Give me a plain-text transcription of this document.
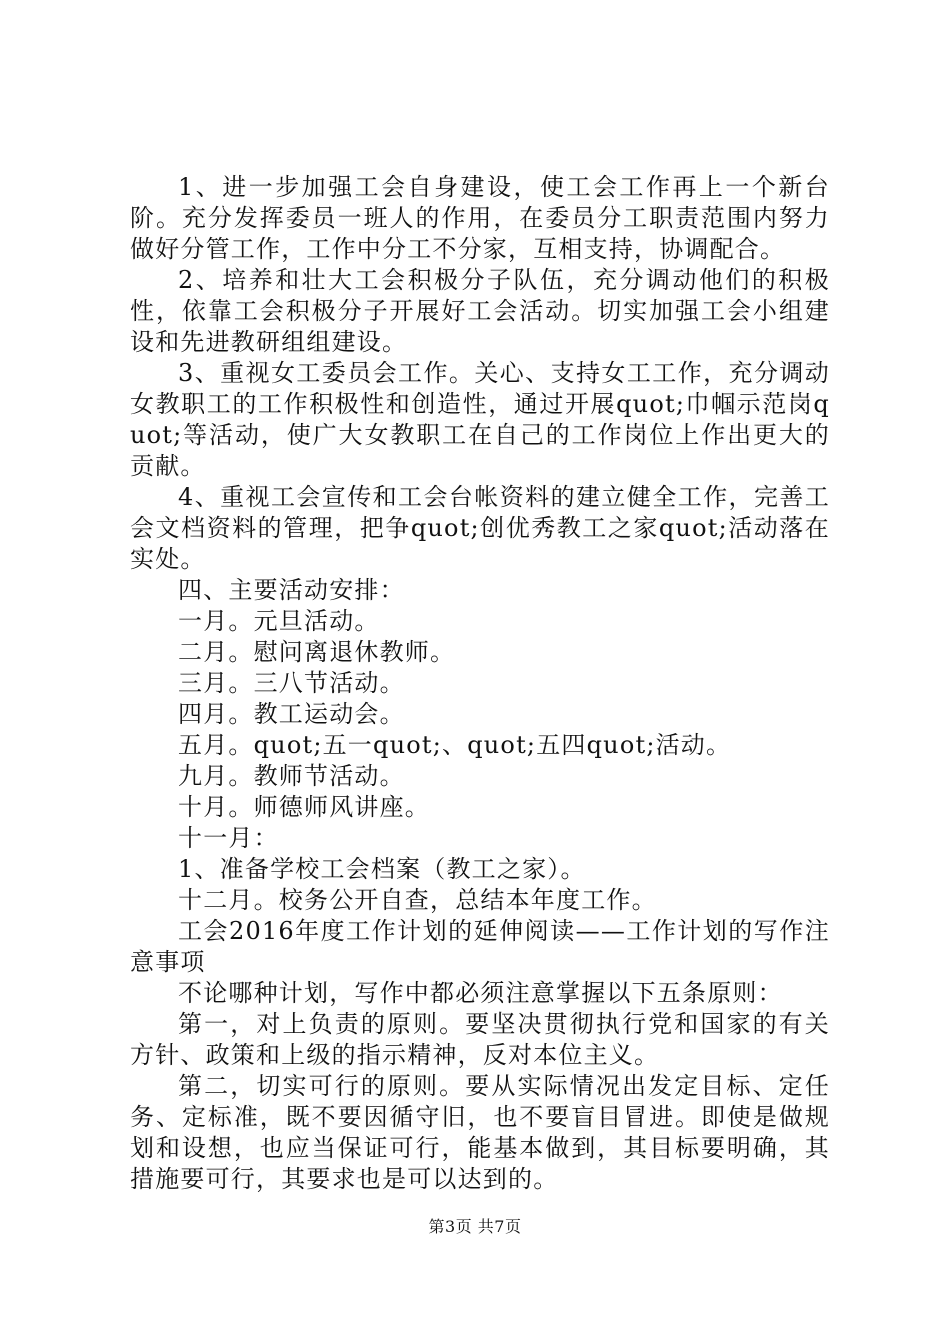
1、进一步加强工会自身建设，使工会工作再上一个新台阶。充分发挥委员一班人的作用，在委员分工职责范围内努力做好分管工作，工作中分工不分家，互相支持，协调配合。

2、培养和壮大工会积极分子队伍，充分调动他们的积极性，依靠工会积极分子开展好工会活动。切实加强工会小组建设和先进教研组组建设。

3、重视女工委员会工作。关心、支持女工工作，充分调动女教职工的工作积极性和创造性，通过开展quot;巾帼示范岗quot;等活动，使广大女教职工在自己的工作岗位上作出更大的贡献。

4、重视工会宣传和工会台帐资料的建立健全工作，完善工会文档资料的管理，把争quot;创优秀教工之家quot;活动落在实处。

四、主要活动安排：

一月。元旦活动。

二月。慰问离退休教师。

三月。三八节活动。

四月。教工运动会。

五月。quot;五一quot;、quot;五四quot;活动。

九月。教师节活动。

十月。师德师风讲座。

十一月：

1、准备学校工会档案（教工之家）。

十二月。校务公开自查，总结本年度工作。

工会2016年度工作计划的延伸阅读——工作计划的写作注意事项

不论哪种计划，写作中都必须注意掌握以下五条原则：

第一，对上负责的原则。要坚决贯彻执行党和国家的有关方针、政策和上级的指示精神，反对本位主义。

第二，切实可行的原则。要从实际情况出发定目标、定任务、定标准，既不要因循守旧，也不要盲目冒进。即使是做规划和设想，也应当保证可行，能基本做到，其目标要明确，其措施要可行，其要求也是可以达到的。

第3页 共7页
